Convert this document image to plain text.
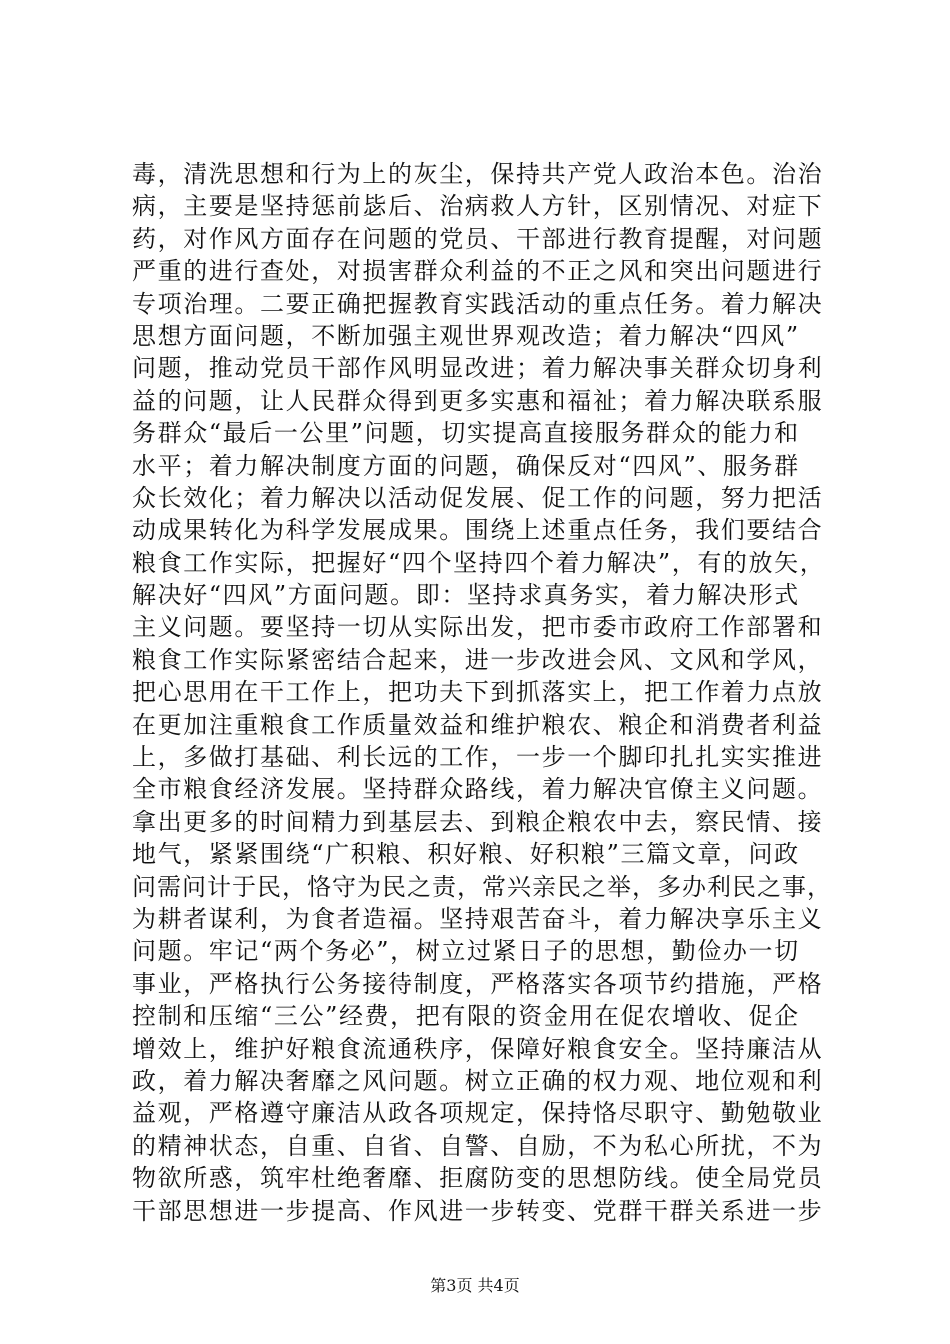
毒，清洗思想和行为上的灰尘，保持共产党人政治本色。治治
病，主要是坚持惩前毖后、治病救人方针，区别情况、对症下
药，对作风方面存在问题的党员、干部进行教育提醒，对问题
严重的进行查处，对损害群众利益的不正之风和突出问题进行
专项治理。二要正确把握教育实践活动的重点任务。着力解决
思想方面问题，不断加强主观世界观改造；着力解决“四风”
问题，推动党员干部作风明显改进；着力解决事关群众切身利
益的问题，让人民群众得到更多实惠和福祉；着力解决联系服
务群众“最后一公里”问题，切实提高直接服务群众的能力和
水平；着力解决制度方面的问题，确保反对“四风”、服务群
众长效化；着力解决以活动促发展、促工作的问题，努力把活
动成果转化为科学发展成果。围绕上述重点任务，我们要结合
粮食工作实际，把握好“四个坚持四个着力解决”，有的放矢，
解决好“四风”方面问题。即：坚持求真务实，着力解决形式
主义问题。要坚持一切从实际出发，把市委市政府工作部署和
粮食工作实际紧密结合起来，进一步改进会风、文风和学风，
把心思用在干工作上，把功夫下到抓落实上，把工作着力点放
在更加注重粮食工作质量效益和维护粮农、粮企和消费者利益
上，多做打基础、利长远的工作，一步一个脚印扎扎实实推进
全市粮食经济发展。坚持群众路线，着力解决官僚主义问题。
拿出更多的时间精力到基层去、到粮企粮农中去，察民情、接
地气，紧紧围绕“广积粮、积好粮、好积粮”三篇文章，问政
问需问计于民，恪守为民之责，常兴亲民之举，多办利民之事，
为耕者谋利，为食者造福。坚持艰苦奋斗，着力解决享乐主义
问题。牢记“两个务必”，树立过紧日子的思想，勤俭办一切
事业，严格执行公务接待制度，严格落实各项节约措施，严格
控制和压缩“三公”经费，把有限的资金用在促农增收、促企
增效上，维护好粮食流通秩序，保障好粮食安全。坚持廉洁从
政，着力解决奢靡之风问题。树立正确的权力观、地位观和利
益观，严格遵守廉洁从政各项规定，保持恪尽职守、勤勉敬业
的精神状态，自重、自省、自警、自励，不为私心所扰，不为
物欲所惑，筑牢杜绝奢靡、拒腐防变的思想防线。使全局党员
干部思想进一步提高、作风进一步转变、党群干群关系进一步
第3页 共4页
